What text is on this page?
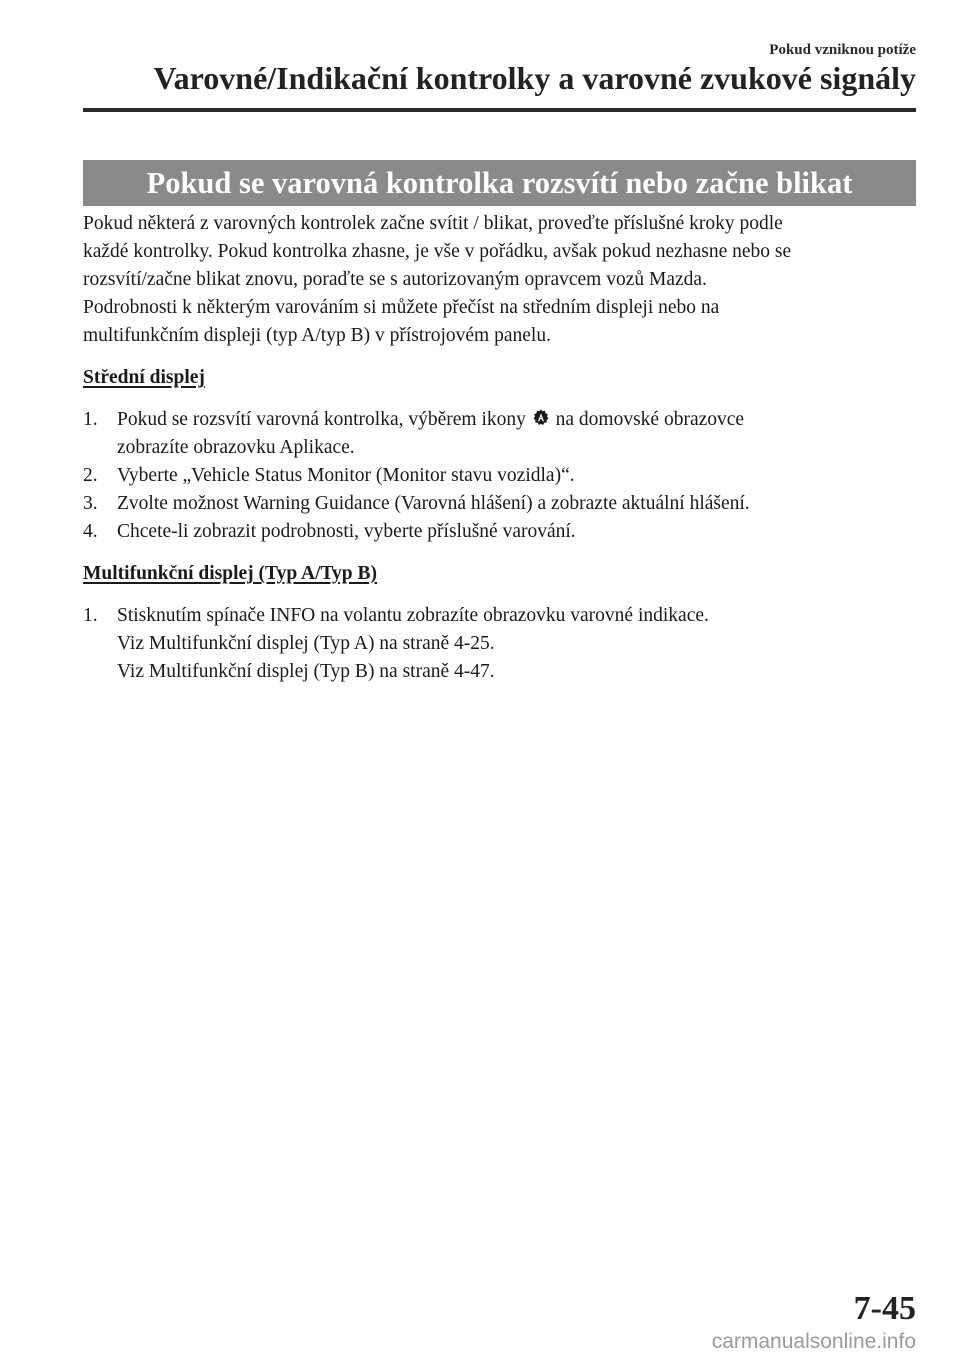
Pokud vzniknou potíže

Varovné/Indikační kontrolky a varovné zvukové signály
Pokud se varovná kontrolka rozsvítí nebo začne blikat

Pokud některá z varovných kontrolek začne svítit / blikat, proveďte příslušné kroky podle

každé kontrolky. Pokud kontrolka zhasne, je vše v pořádku, avšak pokud nezhasne nebo se

rozsvítí/začne blikat znovu, poraďte se s autorizovaným opravcem vozů Mazda.

Podrobnosti k některým varováním si můžete přečíst na středním displeji nebo na

multifunkčním displeji (typ A/typ B) v přístrojovém panelu.

Střední displej

1. Pokud se rozsvítí varovná kontrolka, výběrem ikony na domovské obrazovce

zobrazíte obrazovku Aplikace.

2. Vyberte „Vehicle Status Monitor (Monitor stavu vozidla)“.
3. Zvolte možnost Warning Guidance (Varovná hlášení) a zobrazte aktuální hlášení.
4. Chcete-li zobrazit podrobnosti, vyberte příslušné varování.

Multifunkční displej (Typ A/Typ B)

1. Stisknutím spínače INFO na volantu zobrazíte obrazovku varovné indikace.

Viz Multifunkční displej (Typ A) na straně 4-25.

Viz Multifunkční displej (Typ B) na straně 4-47.

7-45

carmanualsonline.info
